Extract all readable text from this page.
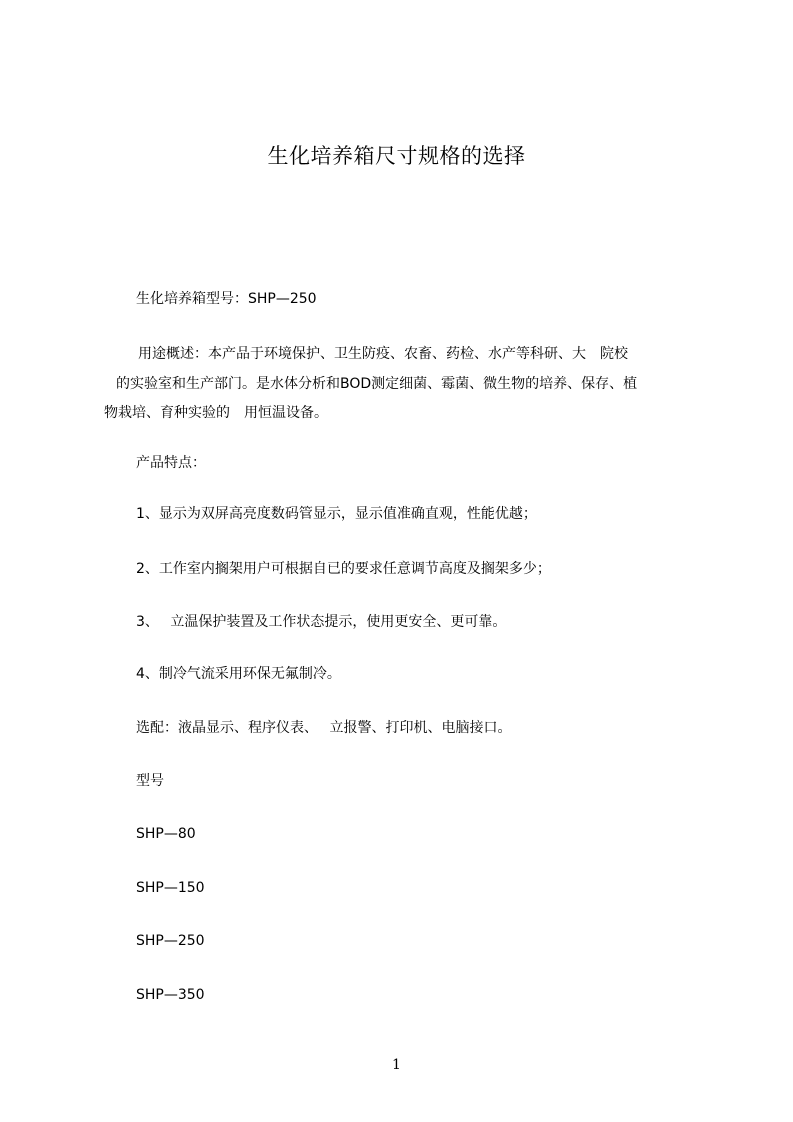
生化培养箱尺寸规格的选择
生化培养箱型号：SHP—250
用途概述：本产品于环境保护、卫生防疫、农畜、药检、水产等科研、大　院校
的实验室和生产部门。是水体分析和BOD测定细菌、霉菌、微生物的培养、保存、植
物栽培、育种实验的　用恒温设备。
产品特点：
1、显示为双屏高亮度数码管显示，显示值准确直观，性能优越；
2、工作室内搁架用户可根据自已的要求任意调节高度及搁架多少；
3、　 立温保护装置及工作状态提示，使用更安全、更可靠。
4、制冷气流采用环保无氟制冷。
选配：液晶显示、程序仪表、　 立报警、打印机、电脑接口。
型号
SHP—80
SHP—150
SHP—250
SHP—350
1
